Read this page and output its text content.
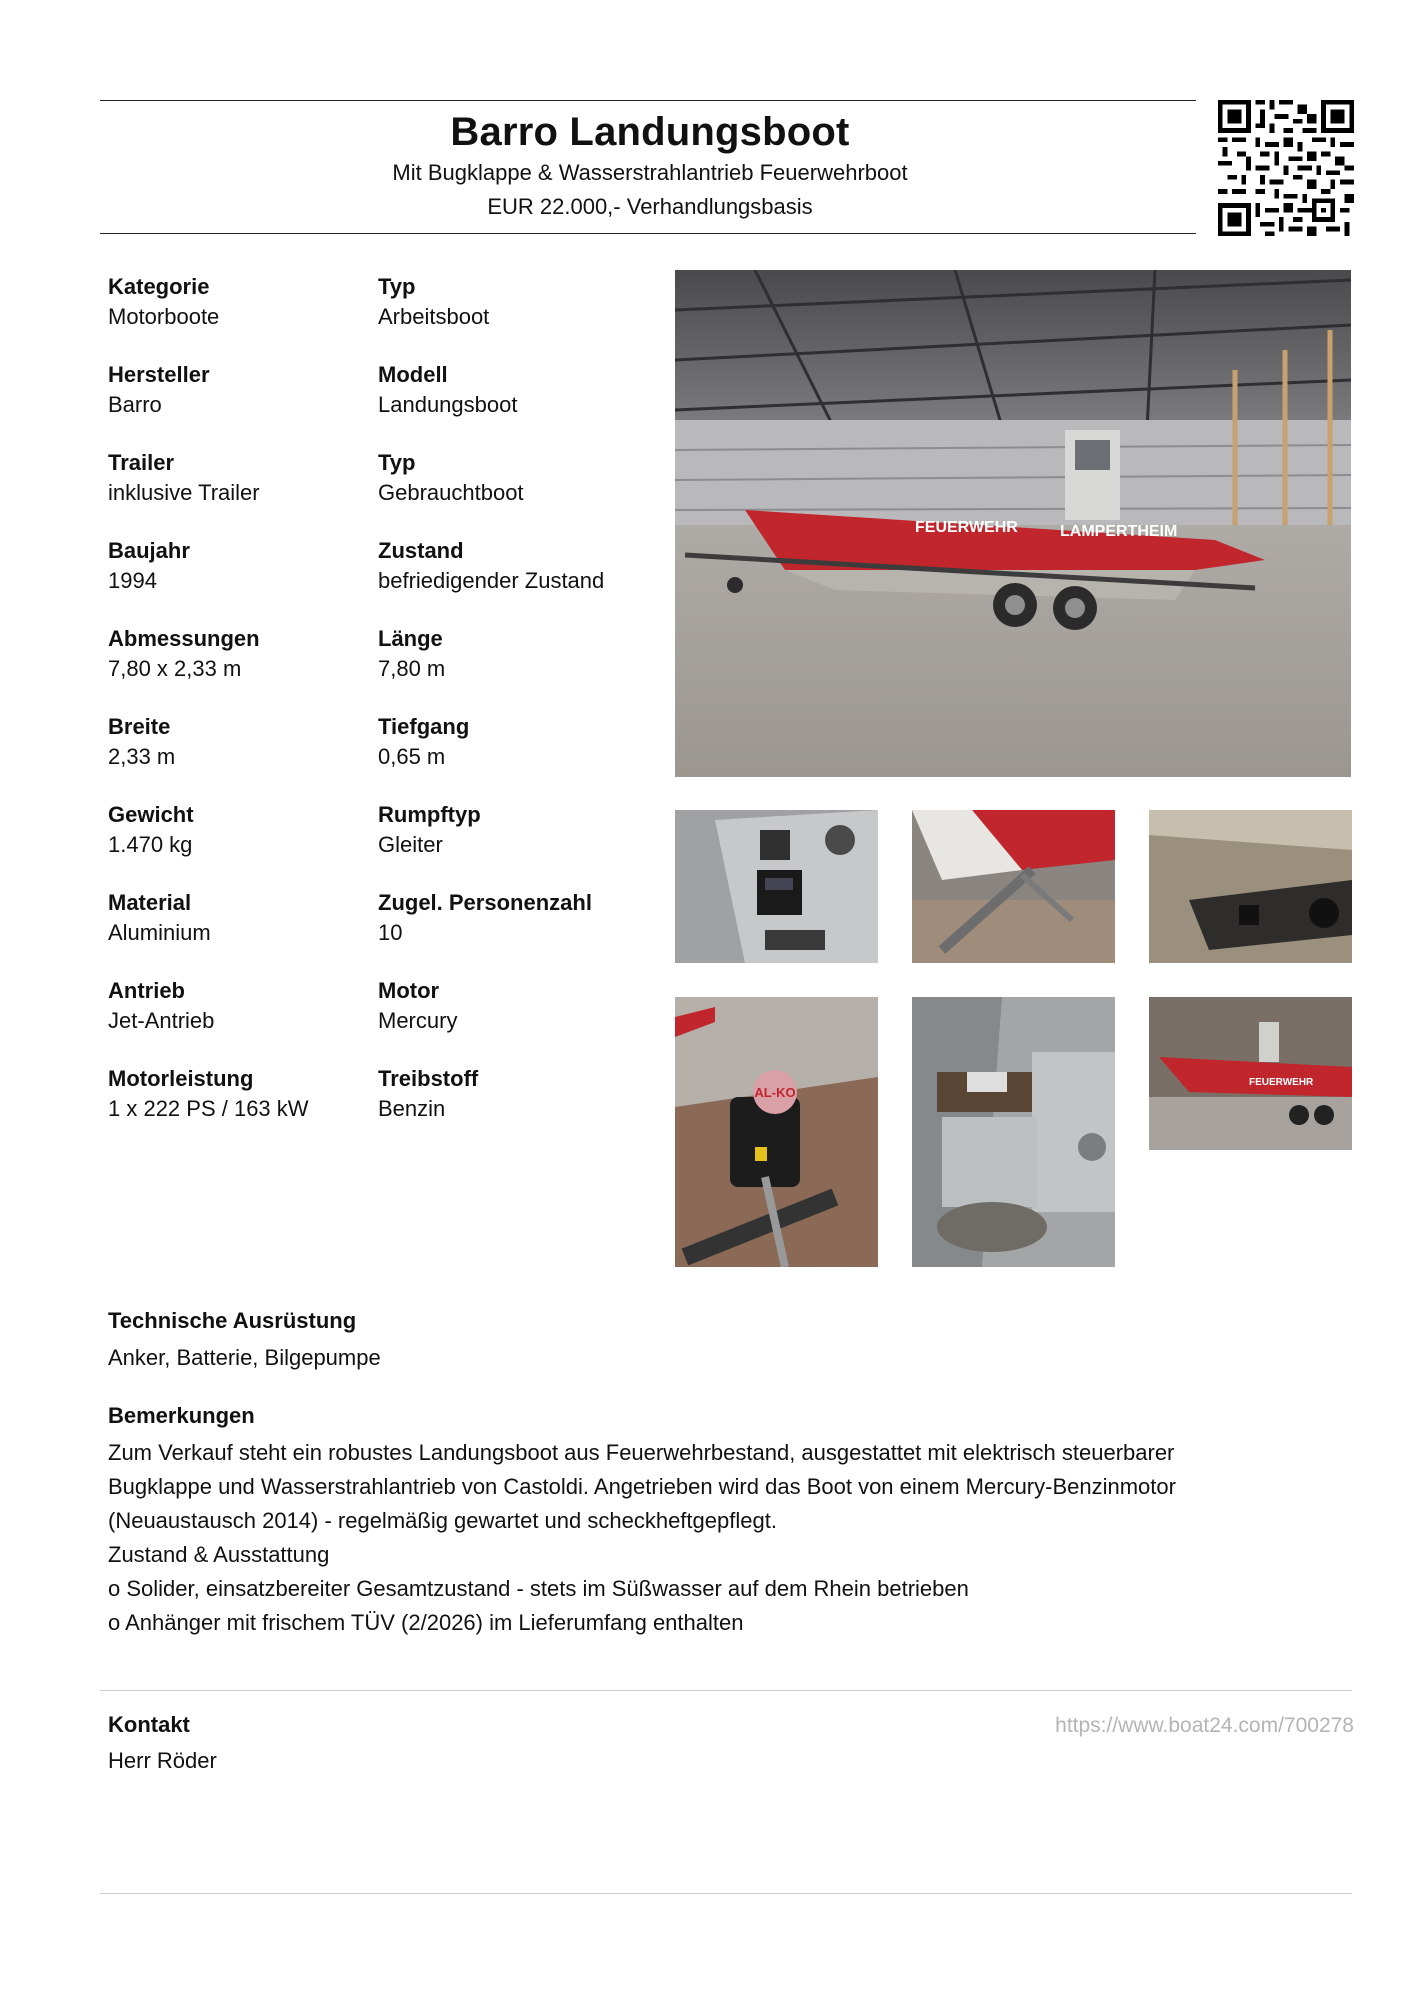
Barro Landungsboot
Mit Bugklappe & Wasserstrahlantrieb Feuerwehrboot
EUR 22.000,- Verhandlungsbasis
Kategorie
Motorboote
Typ
Arbeitsboot
Hersteller
Barro
Modell
Landungsboot
Trailer
inklusive Trailer
Typ
Gebrauchtboot
Baujahr
1994
Zustand
befriedigender Zustand
Abmessungen
7,80 x 2,33 m
Länge
7,80 m
Breite
2,33 m
Tiefgang
0,65 m
Gewicht
1.470 kg
Rumpftyp
Gleiter
Material
Aluminium
Zugel. Personenzahl
10
Antrieb
Jet-Antrieb
Motor
Mercury
Motorleistung
1 x 222 PS / 163 kW
Treibstoff
Benzin
FEUERWEHR	LAMPERTHEIM
AL-KO
FEUERWEHR
Technische Ausrüstung
Anker, Batterie, Bilgepumpe
Bemerkungen
Zum Verkauf steht ein robustes Landungsboot aus Feuerwehrbestand, ausgestattet mit elektrisch steuerbarer
Bugklappe und Wasserstrahlantrieb von Castoldi. Angetrieben wird das Boot von einem Mercury-Benzinmotor
(Neuaustausch 2014) - regelmäßig gewartet und scheckheftgepflegt.
Zustand & Ausstattung
o Solider, einsatzbereiter Gesamtzustand - stets im Süßwasser auf dem Rhein betrieben
o Anhänger mit frischem TÜV (2/2026) im Lieferumfang enthalten
Kontakt
Herr Röder
https://www.boat24.com/700278
